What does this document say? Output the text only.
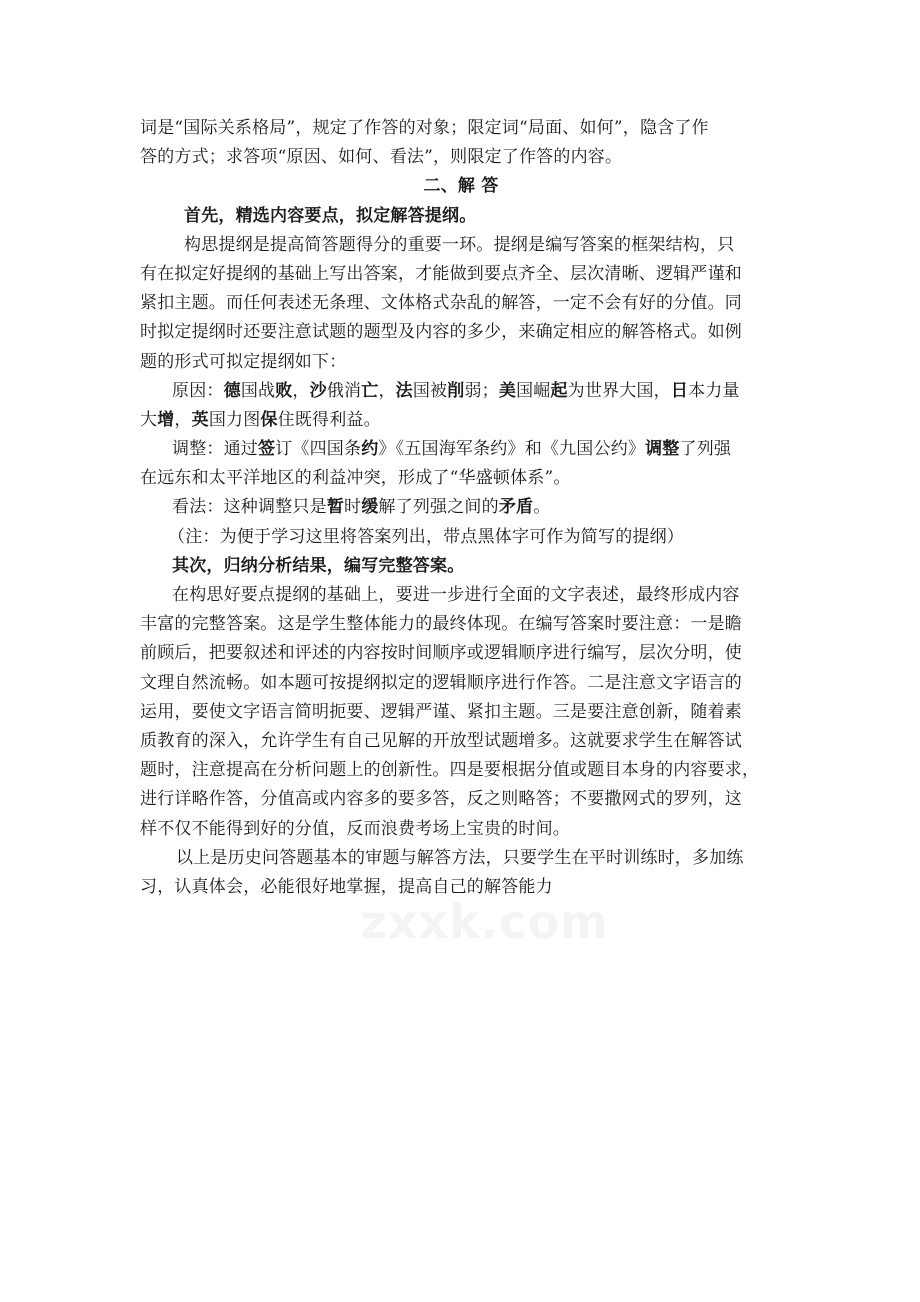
词是“国际关系格局”，规定了作答的对象；限定词“局面、如何”，隐含了作
答的方式；求答项“原因、如何、看法”，则限定了作答的内容。
二、解 答
首先，精选内容要点，拟定解答提纲。
构思提纲是提高简答题得分的重要一环。提纲是编写答案的框架结构，只
有在拟定好提纲的基础上写出答案，才能做到要点齐全、层次清晰、逻辑严谨和
紧扣主题。而任何表述无条理、文体格式杂乱的解答，一定不会有好的分值。同
时拟定提纲时还要注意试题的题型及内容的多少，来确定相应的解答格式。如例
题的形式可拟定提纲如下：
原因：德国战败，沙俄消亡，法国被削弱；美国崛起为世界大国，日本力量
大增，英国力图保住既得利益。
调整：通过签订《四国条约》《五国海军条约》和《九国公约》调整了列强
在远东和太平洋地区的利益冲突，形成了“华盛顿体系”。
看法：这种调整只是暂时缓解了列强之间的矛盾。
（注：为便于学习这里将答案列出，带点黑体字可作为简写的提纲）
其次，归纳分析结果，编写完整答案。
在构思好要点提纲的基础上，要进一步进行全面的文字表述，最终形成内容
丰富的完整答案。这是学生整体能力的最终体现。在编写答案时要注意：一是瞻
前顾后，把要叙述和评述的内容按时间顺序或逻辑顺序进行编写，层次分明，使
文理自然流畅。如本题可按提纲拟定的逻辑顺序进行作答。二是注意文字语言的
运用，要使文字语言简明扼要、逻辑严谨、紧扣主题。三是要注意创新，随着素
质教育的深入，允许学生有自己见解的开放型试题增多。这就要求学生在解答试
题时，注意提高在分析问题上的创新性。四是要根据分值或题目本身的内容要求，
进行详略作答，分值高或内容多的要多答，反之则略答；不要撒网式的罗列，这
样不仅不能得到好的分值，反而浪费考场上宝贵的时间。
以上是历史问答题基本的审题与解答方法，只要学生在平时训练时，多加练
习，认真体会，必能很好地掌握，提高自己的解答能力
zxxk.com
